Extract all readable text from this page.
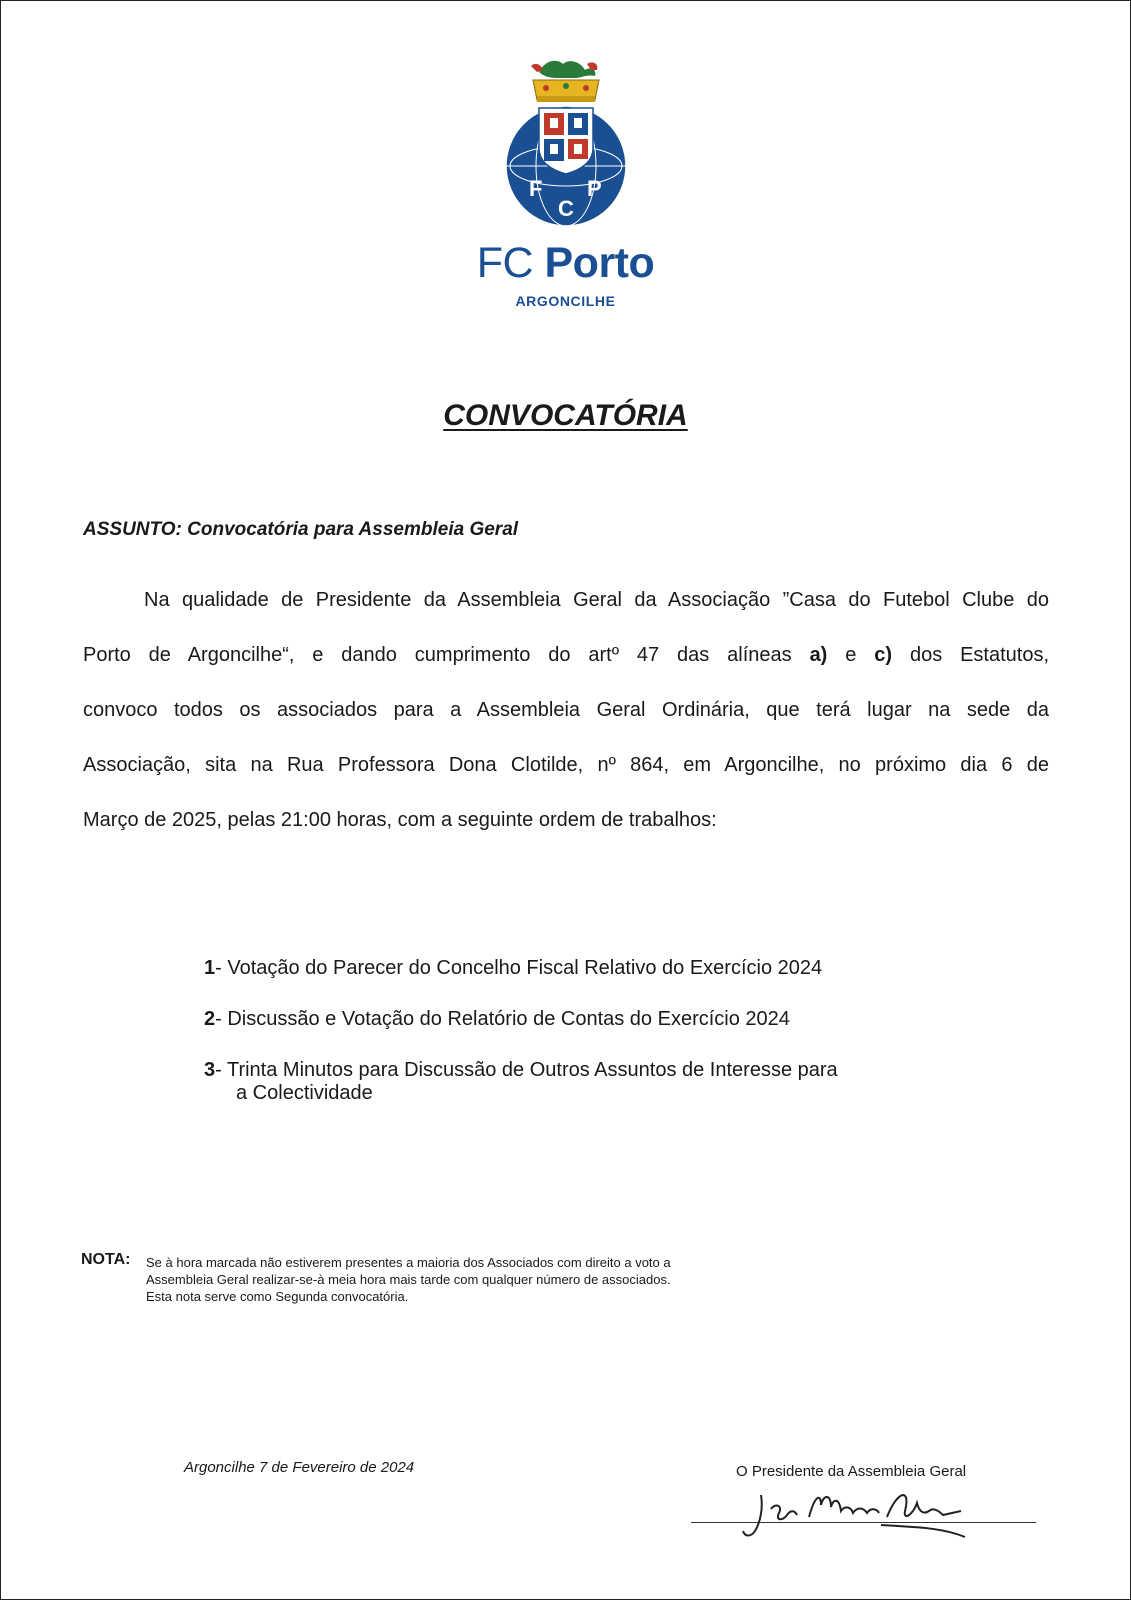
F
C
P
FC Porto
ARGONCILHE
CONVOCATÓRIA
ASSUNTO: Convocatória para Assembleia Geral
Na qualidade de Presidente da Assembleia Geral da Associação ”Casa do Futebol Clube do
Porto de Argoncilhe“, e dando cumprimento do artº 47 das alíneas a) e c) dos Estatutos,
convoco todos os associados para a Assembleia Geral Ordinária, que terá lugar na sede da
Associação, sita na Rua Professora Dona Clotilde, nº 864, em Argoncilhe, no próximo dia 6 de
Março de 2025, pelas 21:00 horas, com a seguinte ordem de trabalhos:
1- Votação do Parecer do Concelho Fiscal Relativo do Exercício 2024
2- Discussão e Votação do Relatório de Contas do Exercício 2024
3- Trinta Minutos para Discussão de Outros Assuntos de Interesse para
a Colectividade
NOTA: Se à hora marcada não estiverem presentes a maioria dos Associados com direito a voto a
Assembleia Geral realizar-se-à meia hora mais tarde com qualquer número de associados.
Esta nota serve como Segunda convocatória.
Argoncilhe 7 de Fevereiro de 2024	O Presidente da Assembleia Geral
